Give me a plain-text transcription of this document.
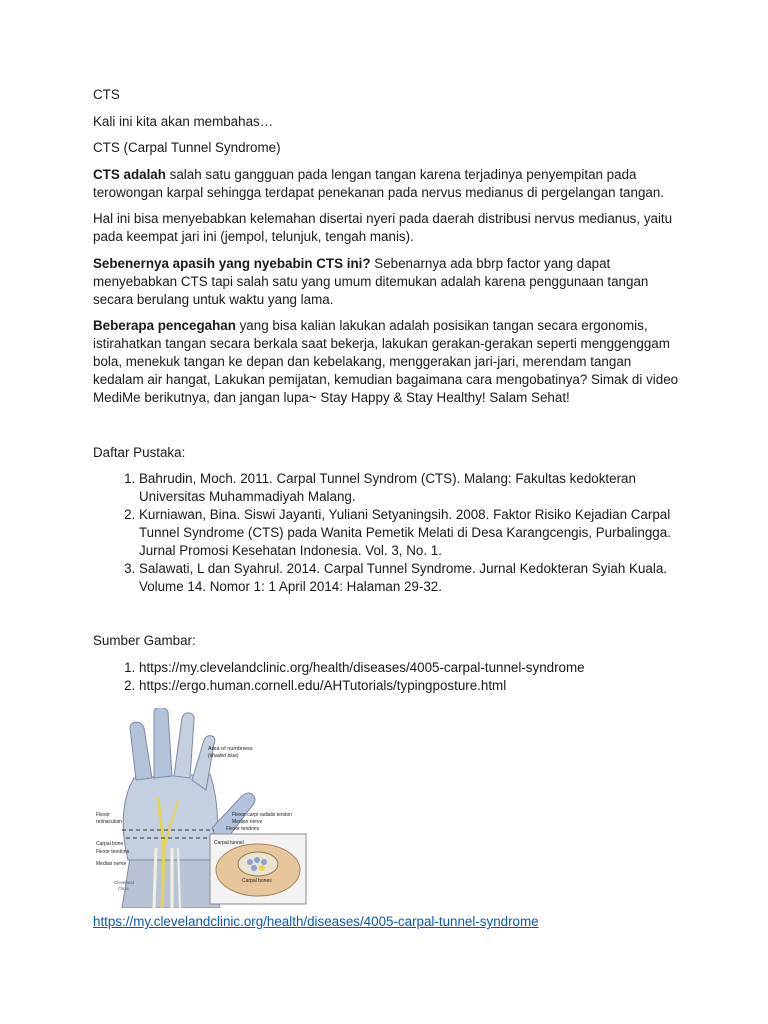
CTS

Kali ini kita akan membahas…

CTS (Carpal Tunnel Syndrome)

CTS adalah salah satu gangguan pada lengan tangan karena terjadinya penyempitan pada terowongan karpal sehingga terdapat penekanan pada nervus medianus di pergelangan tangan.

Hal ini bisa menyebabkan kelemahan disertai nyeri pada daerah distribusi nervus medianus, yaitu pada keempat jari ini (jempol, telunjuk, tengah manis).

Sebenernya apasih yang nyebabin CTS ini? Sebenarnya ada bbrp factor yang dapat menyebabkan CTS tapi salah satu yang umum ditemukan adalah karena penggunaan tangan secara berulang untuk waktu yang lama.

Beberapa pencegahan yang bisa kalian lakukan adalah posisikan tangan secara ergonomis, istirahatkan tangan secara berkala saat bekerja, lakukan gerakan-gerakan seperti menggenggam bola, menekuk tangan ke depan dan kebelakang, menggerakan jari-jari, merendam tangan kedalam air hangat, Lakukan pemijatan, kemudian bagaimana cara mengobatinya? Simak di video MediMe berikutnya, dan jangan lupa~ Stay Happy & Stay Healthy! Salam Sehat!

Daftar Pustaka:

1. Bahrudin, Moch. 2011. Carpal Tunnel Syndrom (CTS). Malang: Fakultas kedokteran Universitas Muhammadiyah Malang.
2. Kurniawan, Bina. Siswi Jayanti, Yuliani Setyaningsih. 2008. Faktor Risiko Kejadian Carpal Tunnel Syndrome (CTS) pada Wanita Pemetik Melati di Desa Karangcengis, Purbalingga. Jurnal Promosi Kesehatan Indonesia. Vol. 3, No. 1.
3. Salawati, L dan Syahrul. 2014. Carpal Tunnel Syndrome. Jurnal Kedokteran Syiah Kuala. Volume 14. Nomor 1: 1 April 2014: Halaman 29-32.

Sumber Gambar:

1. https://my.clevelandclinic.org/health/diseases/4005-carpal-tunnel-syndrome
2. https://ergo.human.cornell.edu/AHTutorials/typingposture.html
Area of numbness
(shaded blue)
Flexor
retinaculum
Carpal bone
Flexor tendons
Median nerve
Flexor carpi radialis tendon
Median nerve
Flexor tendons
Carpal tunnel
Carpal bones
Cleveland
Clinic
https://my.clevelandclinic.org/health/diseases/4005-carpal-tunnel-syndrome
